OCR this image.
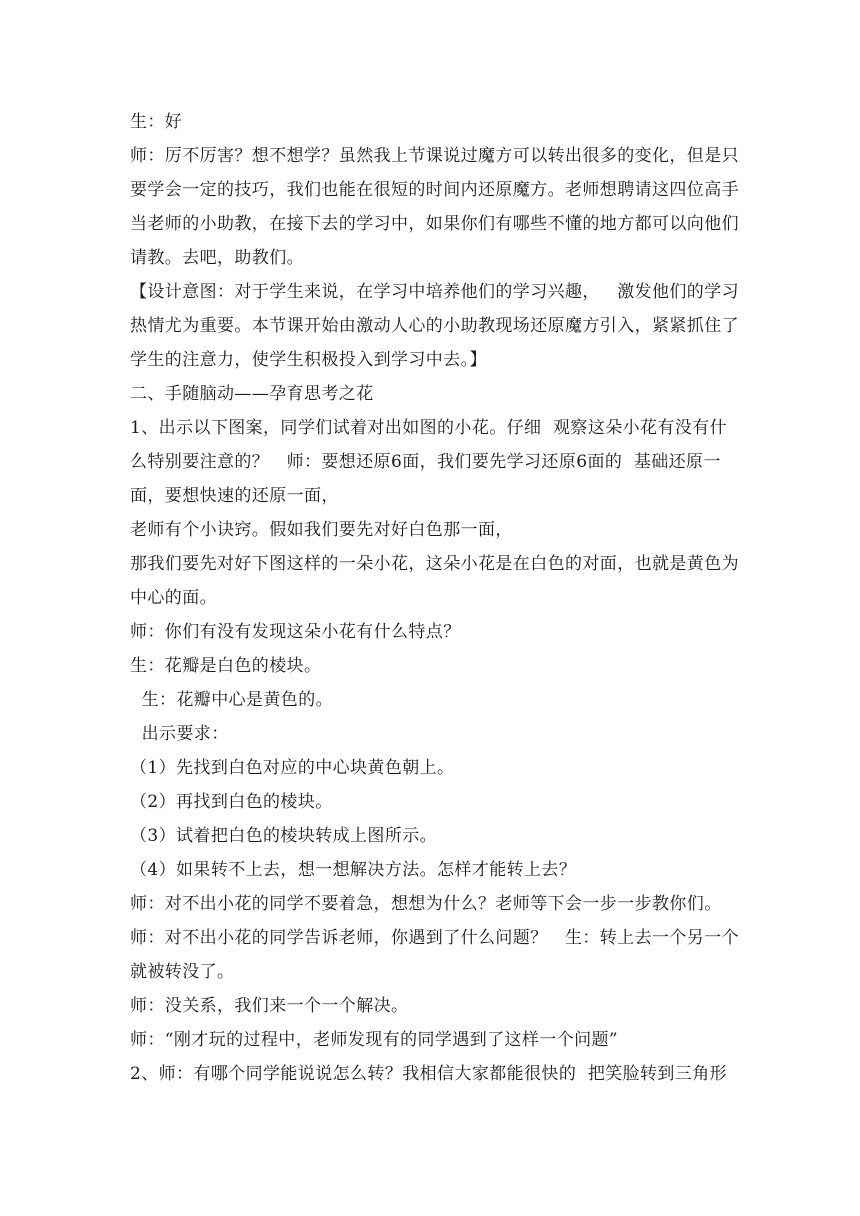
生：好
师：厉不厉害？想不想学？虽然我上节课说过魔方可以转出很多的变化，但是只
要学会一定的技巧，我们也能在很短的时间内还原魔方。老师想聘请这四位高手
当老师的小助教，在接下去的学习中，如果你们有哪些不懂的地方都可以向他们
请教。去吧，助教们。
【设计意图：对于学生来说，在学习中培养他们的学习兴趣，   激发他们的学习
热情尤为重要。本节课开始由激动人心的小助教现场还原魔方引入，紧紧抓住了
学生的注意力，使学生积极投入到学习中去。】
二、手随脑动——孕育思考之花
1、出示以下图案，同学们试着对出如图的小花。仔细  观察这朵小花有没有什
么特别要注意的？   师：要想还原6面，我们要先学习还原6面的  基础还原一
面，要想快速的还原一面，
老师有个小诀窍。假如我们要先对好白色那一面，
那我们要先对好下图这样的一朵小花，这朵小花是在白色的对面，也就是黄色为
中心的面。
师：你们有没有发现这朵小花有什么特点？
生：花瓣是白色的棱块。
生：花瓣中心是黄色的。
出示要求：
（1）先找到白色对应的中心块黄色朝上。
（2）再找到白色的棱块。
（3）试着把白色的棱块转成上图所示。
（4）如果转不上去，想一想解决方法。怎样才能转上去？
师：对不出小花的同学不要着急，想想为什么？老师等下会一步一步教你们。
师：对不出小花的同学告诉老师，你遇到了什么问题？   生：转上去一个另一个
就被转没了。
师：没关系，我们来一个一个解决。
师：“刚才玩的过程中，老师发现有的同学遇到了这样一个问题”
2、师：有哪个同学能说说怎么转？我相信大家都能很快的  把笑脸转到三角形
